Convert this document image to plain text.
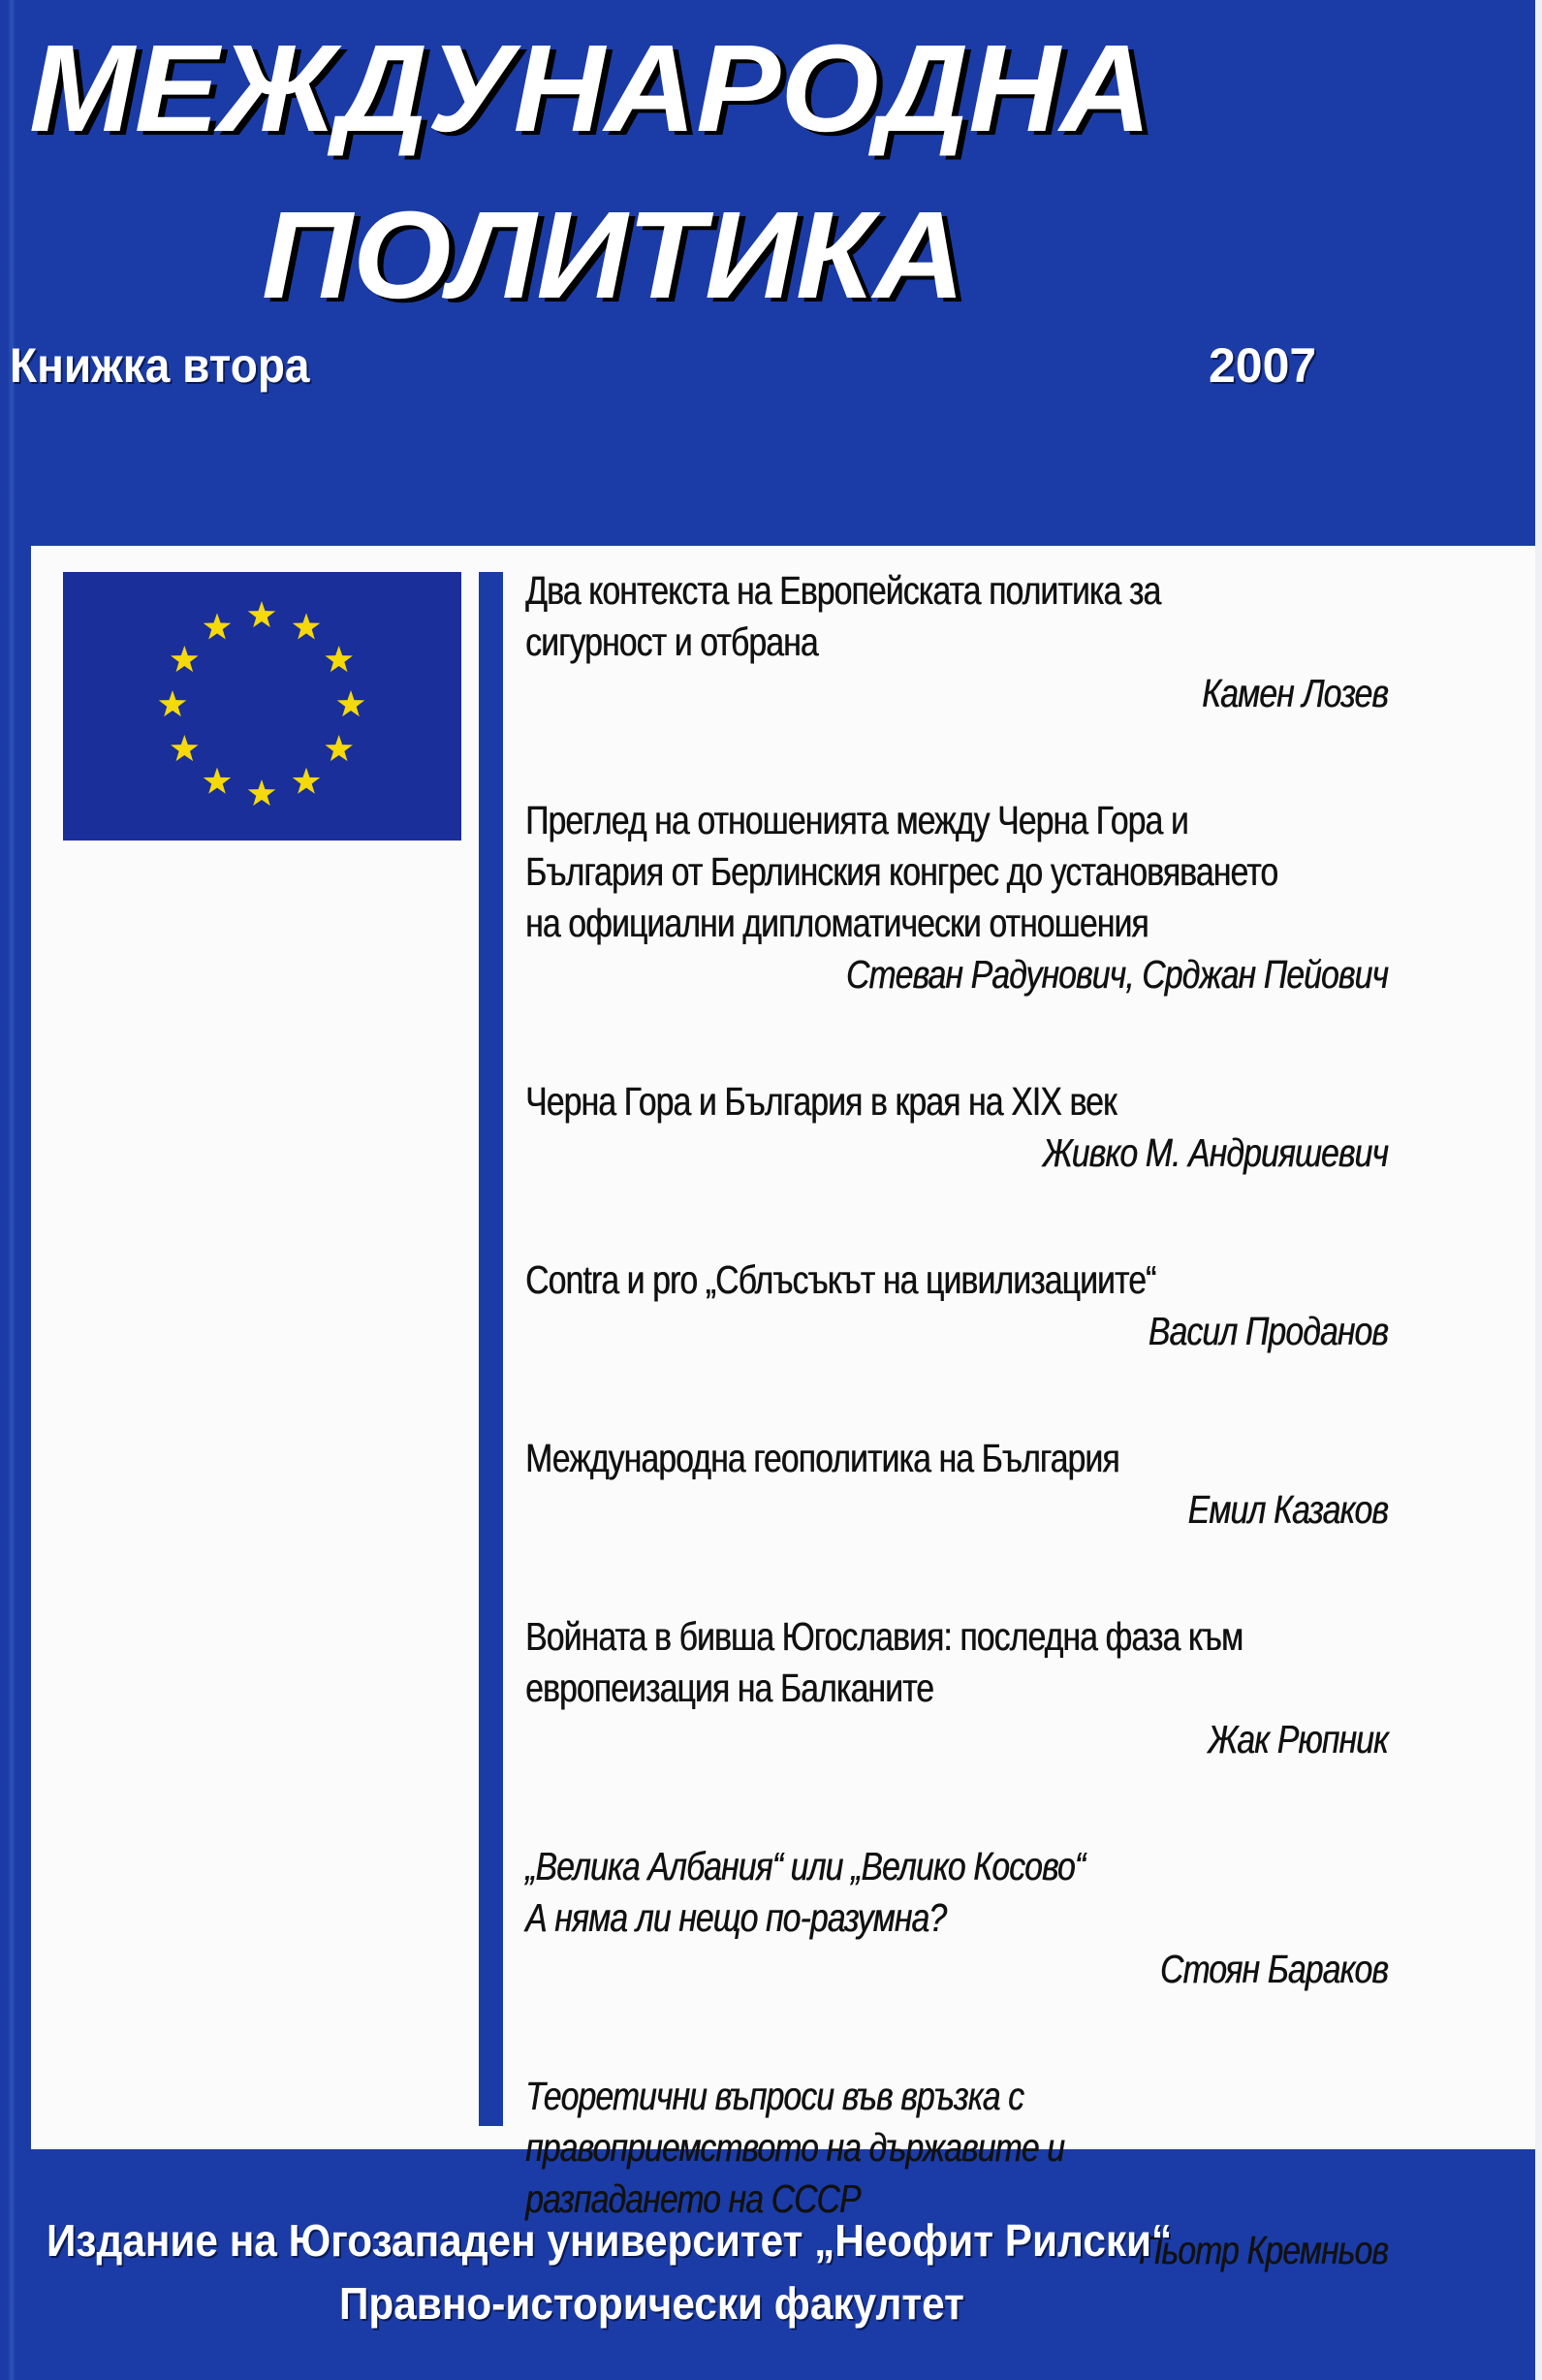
МЕЖДУНАРОДНА
ПОЛИТИКА
Книжка втора	2007
Два контекста на Европейската политика за
сигурност и отбрана
Камен Лозев
Преглед на отношенията между Черна Гора и
България от Берлинския конгрес до установяването
на официални дипломатически отношения
Стеван Радунович, Срджан Пейович
Черна Гора и България в края на XIX век
Живко М. Андрияшевич
Contra и pro „Сблъсъкът на цивилизациите“
Васил Проданов
Международна геополитика на България
Емил Казаков
Войната в бивша Югославия: последна фаза към
европеизация на Балканите
Жак Рюпник
„Велика Албания“ или „Велико Косово“
А няма ли нещо по-разумна?
Стоян Бараков
Теоретични въпроси във връзка с
правоприемството на държавите и
разпадането на СССР
Пьотр Кремньов
Издание на Югозападен университет „Неофит Рилски“
Правно-исторически факултет
